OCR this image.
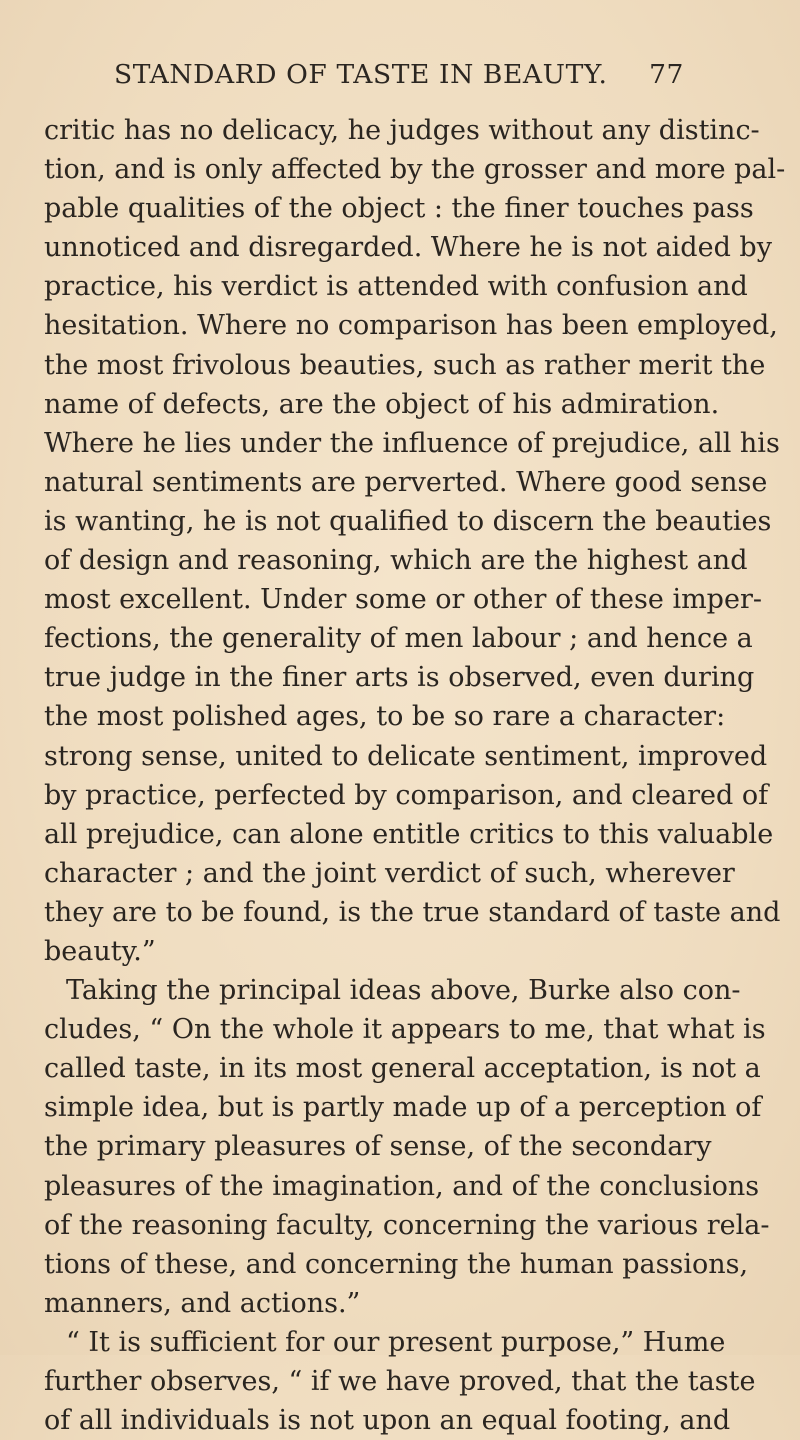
STANDARD OF TASTE IN BEAUTY. 77
critic has no delicacy, he judges without any distinc-
tion, and is only affected by the grosser and more pal-
pable qualities of the object : the finer touches pass
unnoticed and disregarded. Where he is not aided by
practice, his verdict is attended with confusion and
hesitation. Where no comparison has been employed,
the most frivolous beauties, such as rather merit the
name of defects, are the object of his admiration.
Where he lies under the influence of prejudice, all his
natural sentiments are perverted. Where good sense
is wanting, he is not qualified to discern the beauties
of design and reasoning, which are the highest and
most excellent. Under some or other of these imper-
fections, the generality of men labour ; and hence a
true judge in the finer arts is observed, even during
the most polished ages, to be so rare a character:
strong sense, united to delicate sentiment, improved
by practice, perfected by comparison, and cleared of
all prejudice, can alone entitle critics to this valuable
character ; and the joint verdict of such, wherever
they are to be found, is the true standard of taste and
beauty.”
Taking the principal ideas above, Burke also con-
cludes, “ On the whole it appears to me, that what is
called taste, in its most general acceptation, is not a
simple idea, but is partly made up of a perception of
the primary pleasures of sense, of the secondary
pleasures of the imagination, and of the conclusions
of the reasoning faculty, concerning the various rela-
tions of these, and concerning the human passions,
manners, and actions.”
“ It is sufficient for our present purpose,” Hume
further observes, “ if we have proved, that the taste
of all individuals is not upon an equal footing, and
